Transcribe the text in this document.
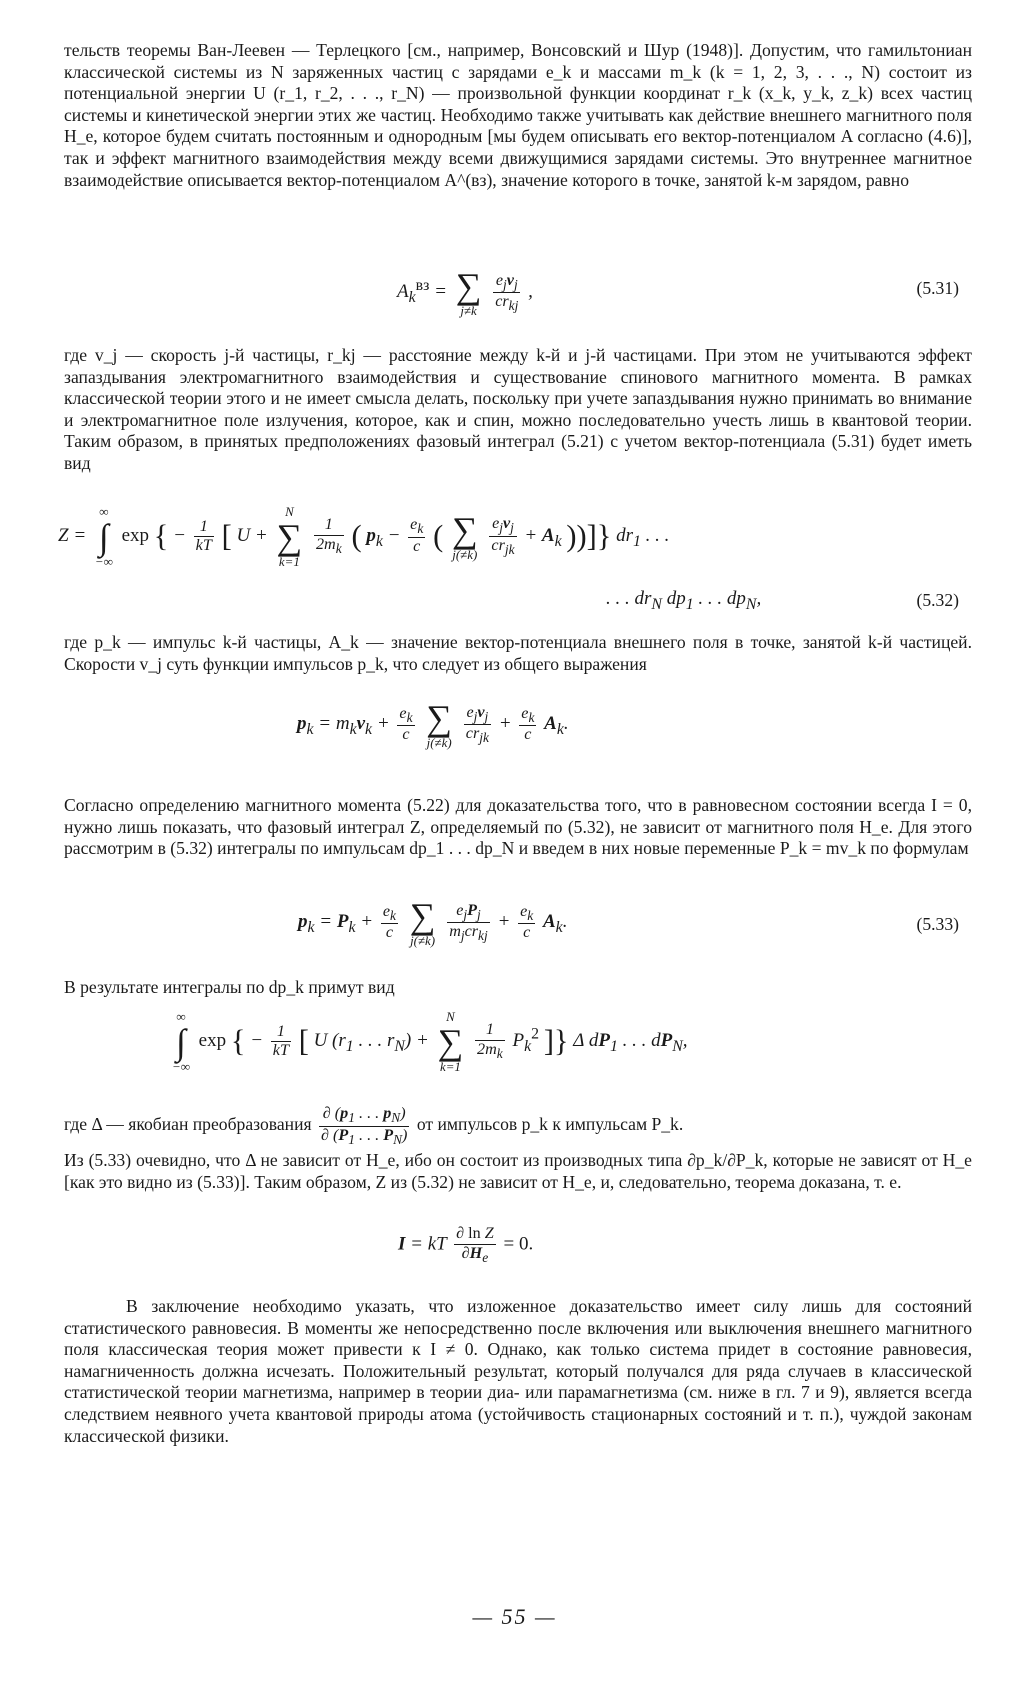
тельств теоремы Ван-Леевен — Терлецкого [см., например, Вонсовский и Шур (1948)]. Допустим, что гамильтониан классической системы из N заряженных частиц с зарядами e_k и массами m_k (k = 1, 2, 3, . . ., N) состоит из потенциальной энергии U (r_1, r_2, . . ., r_N) — произвольной функции координат r_k (x_k, y_k, z_k) всех частиц системы и кинетической энергии этих же частиц. Необходимо также учитывать как действие внешнего магнитного поля H_e, которое будем считать постоянным и однородным [мы будем описывать его вектор-потенциалом A согласно (4.6)], так и эффект магнитного взаимодействия между всеми движущимися зарядами системы. Это внутреннее магнитное взаимодействие описывается вектор-потенциалом A^(вз), значение которого в точке, занятой k-м зарядом, равно

$A_k^{вз}$ = ∑
j≠k
$\frac{e_jv_j}{cr_{kj}}$ ,	(5.31)

где v_j — скорость j-й частицы, r_kj — расстояние между k-й и j-й частицами. При этом не учитываются эффект запаздывания электромагнитного взаимодействия и существование спинового магнитного момента. В рамках классической теории этого и не имеет смысла делать, поскольку при учете запаздывания нужно принимать во внимание и электромагнитное поле излучения, которое, как и спин, можно последовательно учесть лишь в квантовой теории. Таким образом, в принятых предположениях фазовый интеграл (5.21) с учетом вектор-потенциала (5.31) будет иметь вид

Z =
∞
∫
−∞
exp { − $\frac{1}{kT}$ [ U +
N
∑
k=1

$\frac{1}{2m_k}$ ( $p_k - \frac{e_k}{c}$ ( ∑
j(≠k)
$\frac{e_jv_j}{cr_{jk}} + A_k$ ))]} $dr_1$ . . .
. . . $dr_N$ $dp_1$ . . . $dp_N$,	(5.32)

где p_k — импульс k-й частицы, A_k — значение вектор-потенциала внешнего поля в точке, занятой k-й частицей. Скорости v_j суть функции импульсов p_k, что следует из общего выражения

$p_k = m_kv_k + \frac{e_k}{c}$
∑
j(≠k)
$\frac{e_jv_j}{cr_{jk}} + \frac{e_k}{c} A_k$.

Согласно определению магнитного момента (5.22) для доказательства того, что в равновесном состоянии всегда I = 0, нужно лишь показать, что фазовый интеграл Z, определяемый по (5.32), не зависит от магнитного поля H_e. Для этого рассмотрим в (5.32) интегралы по импульсам dp_1 . . . dp_N и введем в них новые переменные P_k = mv_k по формулам

$p_k = P_k + \frac{e_k}{c}$
∑
j(≠k)
$\frac{e_jP_j}{m_jcr_{kj}} + \frac{e_k}{c} A_k$.	(5.33)

В результате интегралы по dp_k примут вид

∞
∫
−∞
exp { − $\frac{1}{kT}$ [ U ($r_1$ . . . $r_N$) +
N
∑
k=1

$\frac{1}{2m_k} P_k^2$ ]} Δ $dP_1$ . . . $dP_N$,
где Δ — якобиан преобразования $\frac{\partial (p_1 . . . p_N)}{\partial (P_1 . . . P_N)}$ от импульсов p_k к импульсам P_k.

Из (5.33) очевидно, что Δ не зависит от H_e, ибо он состоит из производных типа ∂p_k/∂P_k, которые не зависят от H_e [как это видно из (5.33)]. Таким образом, Z из (5.32) не зависит от H_e, и, следовательно, теорема доказана, т. е.

I = kT $\frac{\text{∂ ln Z}}{\partial H_e} = 0$.

В заключение необходимо указать, что изложенное доказательство имеет силу лишь для состояний статистического равновесия. В моменты же непосредственно после включения или выключения внешнего магнитного поля классическая теория может привести к I ≠ 0. Однако, как только система придет в состояние равновесия, намагниченность должна исчезать. Положительный результат, который получался для ряда случаев в классической статистической теории магнетизма, например в теории диа- или парамагнетизма (см. ниже в гл. 7 и 9), является всегда следствием неявного учета квантовой природы атома (устойчивость стационарных состояний и т. п.), чуждой законам классической физики.

— 55 —
